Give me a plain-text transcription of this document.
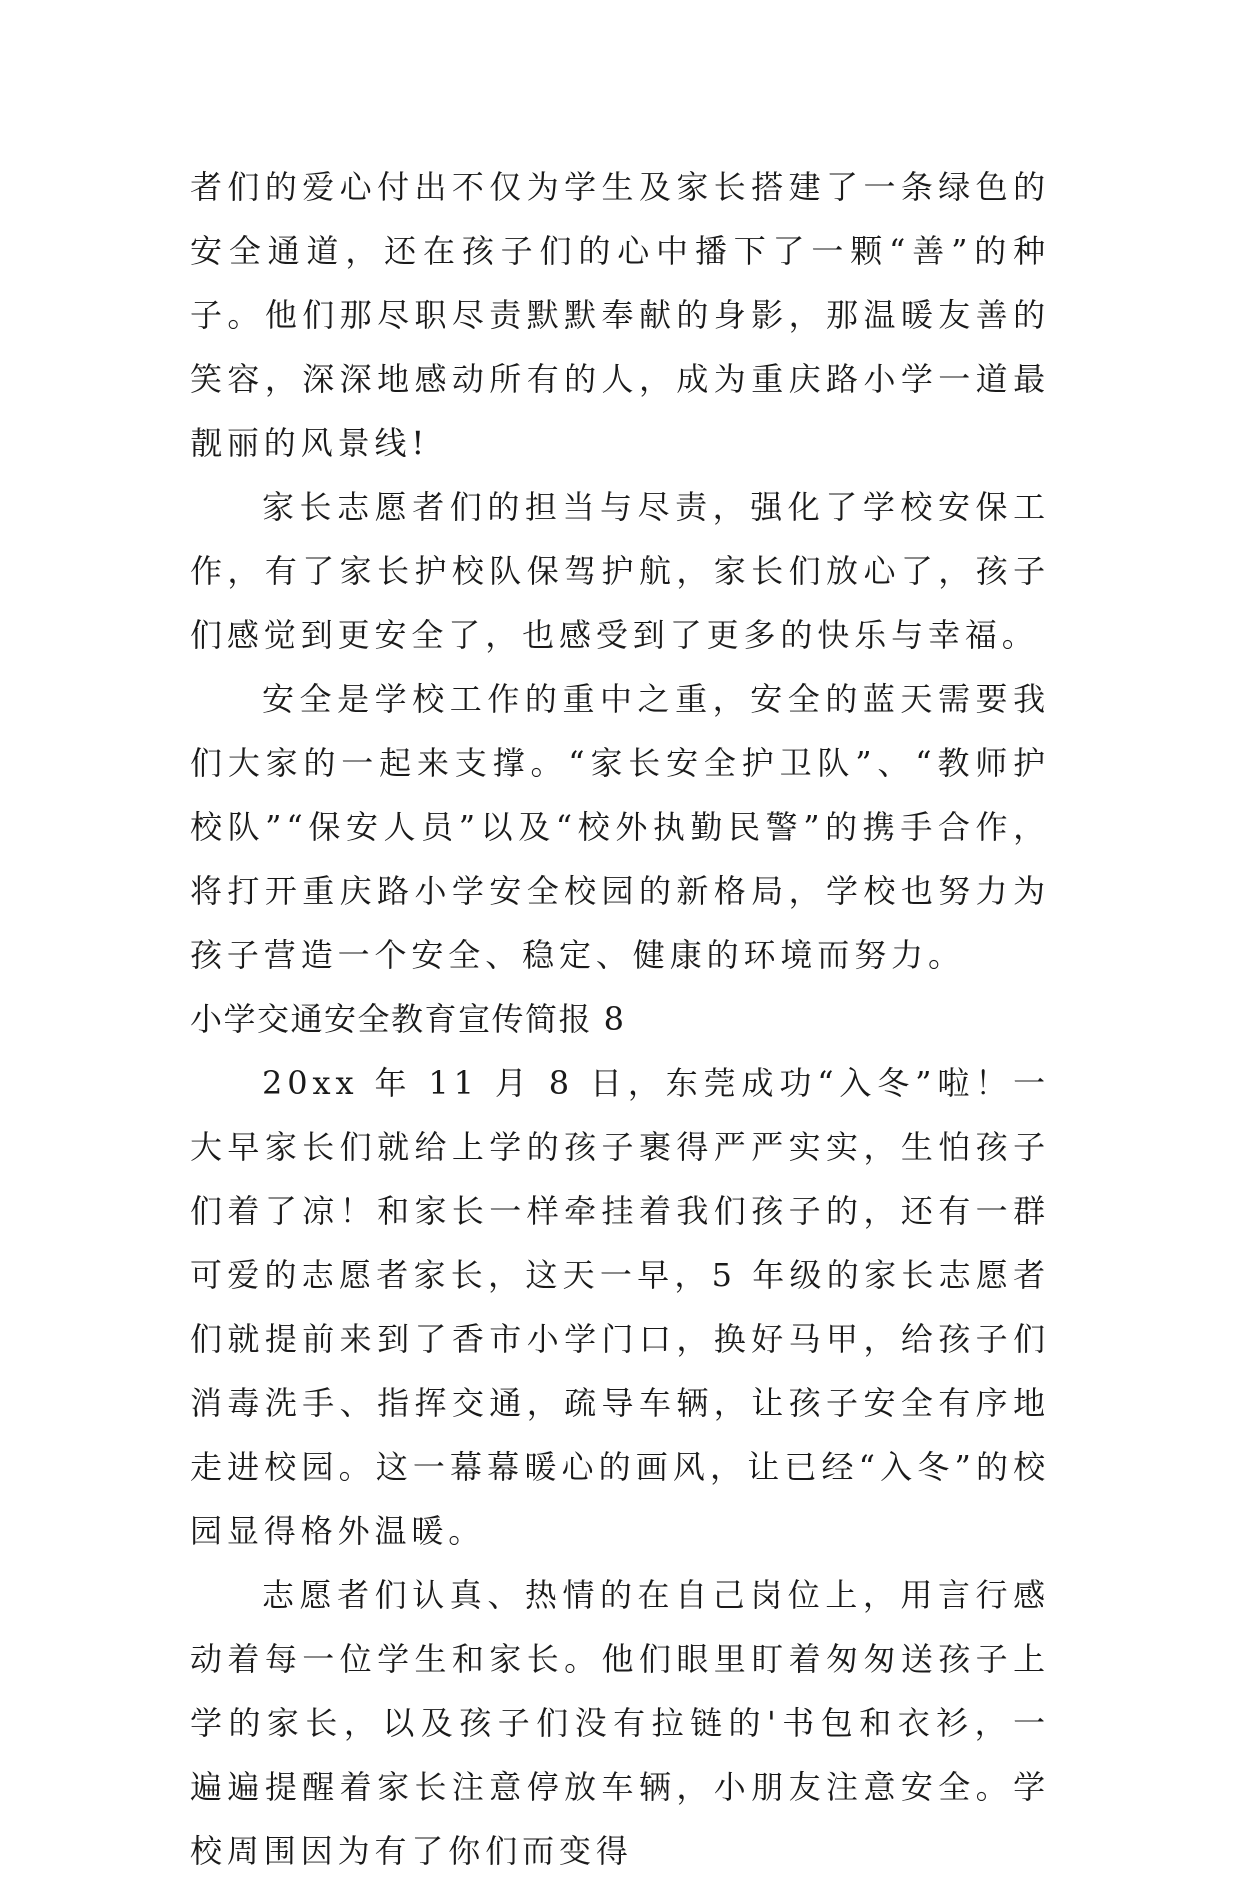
者们的爱心付出不仅为学生及家长搭建了一条绿色的安全通道，还在孩子们的心中播下了一颗“善”的种子。他们那尽职尽责默默奉献的身影，那温暖友善的笑容，深深地感动所有的人，成为重庆路小学一道最靓丽的风景线!

家长志愿者们的担当与尽责，强化了学校安保工作，有了家长护校队保驾护航，家长们放心了，孩子们感觉到更安全了，也感受到了更多的快乐与幸福。

安全是学校工作的重中之重，安全的蓝天需要我们大家的一起来支撑。“家长安全护卫队”、“教师护校队”“保安人员”以及“校外执勤民警”的携手合作，将打开重庆路小学安全校园的新格局，学校也努力为孩子营造一个安全、稳定、健康的环境而努力。

小学交通安全教育宣传简报 8

20xx 年 11 月 8 日，东莞成功“入冬”啦！一大早家长们就给上学的孩子裹得严严实实，生怕孩子们着了凉！和家长一样牵挂着我们孩子的，还有一群可爱的志愿者家长，这天一早，5 年级的家长志愿者们就提前来到了香市小学门口，换好马甲，给孩子们消毒洗手、指挥交通，疏导车辆，让孩子安全有序地走进校园。这一幕幕暖心的画风，让已经“入冬”的校园显得格外温暖。

志愿者们认真、热情的在自己岗位上，用言行感动着每一位学生和家长。他们眼里盯着匆匆送孩子上学的家长，以及孩子们没有拉链的'书包和衣衫，一遍遍提醒着家长注意停放车辆，小朋友注意安全。学校周围因为有了你们而变得
